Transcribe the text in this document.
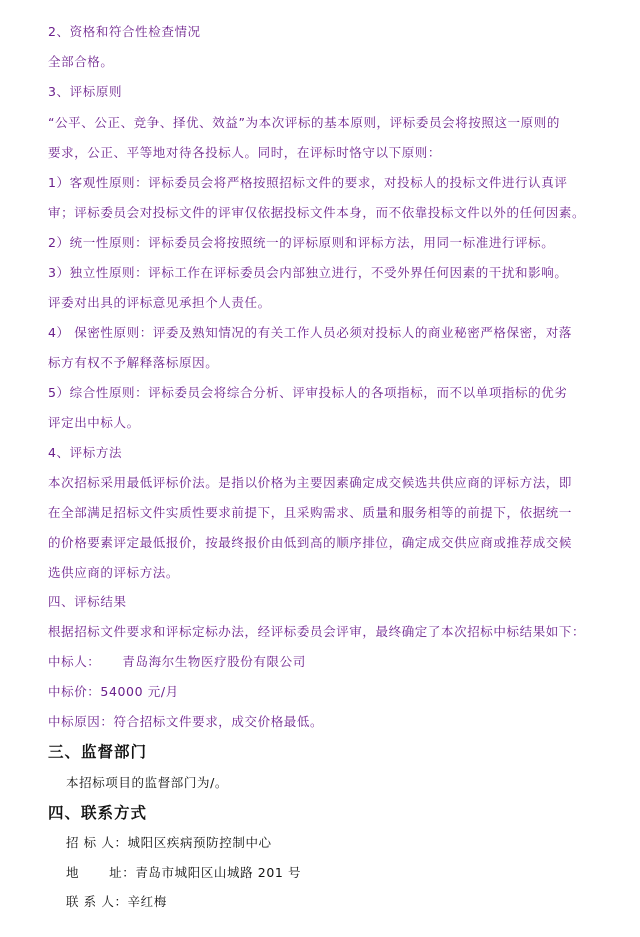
2、资格和符合性检查情况
全部合格。
3、评标原则
“公平、公正、竞争、择优、效益”为本次评标的基本原则，评标委员会将按照这一原则的
要求，公正、平等地对待各投标人。同时，在评标时恪守以下原则：
1）客观性原则：评标委员会将严格按照招标文件的要求，对投标人的投标文件进行认真评
审；评标委员会对投标文件的评审仅依据投标文件本身，而不依靠投标文件以外的任何因素。
2）统一性原则：评标委员会将按照统一的评标原则和评标方法，用同一标准进行评标。
3）独立性原则：评标工作在评标委员会内部独立进行，不受外界任何因素的干扰和影响。
评委对出具的评标意见承担个人责任。
4） 保密性原则：评委及熟知情况的有关工作人员必须对投标人的商业秘密严格保密，对落
标方有权不予解释落标原因。
5）综合性原则：评标委员会将综合分析、评审投标人的各项指标，而不以单项指标的优劣
评定出中标人。
4、评标方法
本次招标采用最低评标价法。是指以价格为主要因素确定成交候选共供应商的评标方法，即
在全部满足招标文件实质性要求前提下，且采购需求、质量和服务相等的前提下，依据统一
的价格要素评定最低报价，按最终报价由低到高的顺序排位，确定成交供应商或推荐成交候
选供应商的评标方法。
四、评标结果
根据招标文件要求和评标定标办法，经评标委员会评审，最终确定了本次招标中标结果如下：
中标人： 青岛海尔生物医疗股份有限公司
中标价：54000 元/月
中标原因：符合招标文件要求，成交价格最低。
三、监督部门
本招标项目的监督部门为/。
四、联系方式
招 标 人：城阳区疾病预防控制中心
地 址：青岛市城阳区山城路 201 号
联 系 人：辛红梅
